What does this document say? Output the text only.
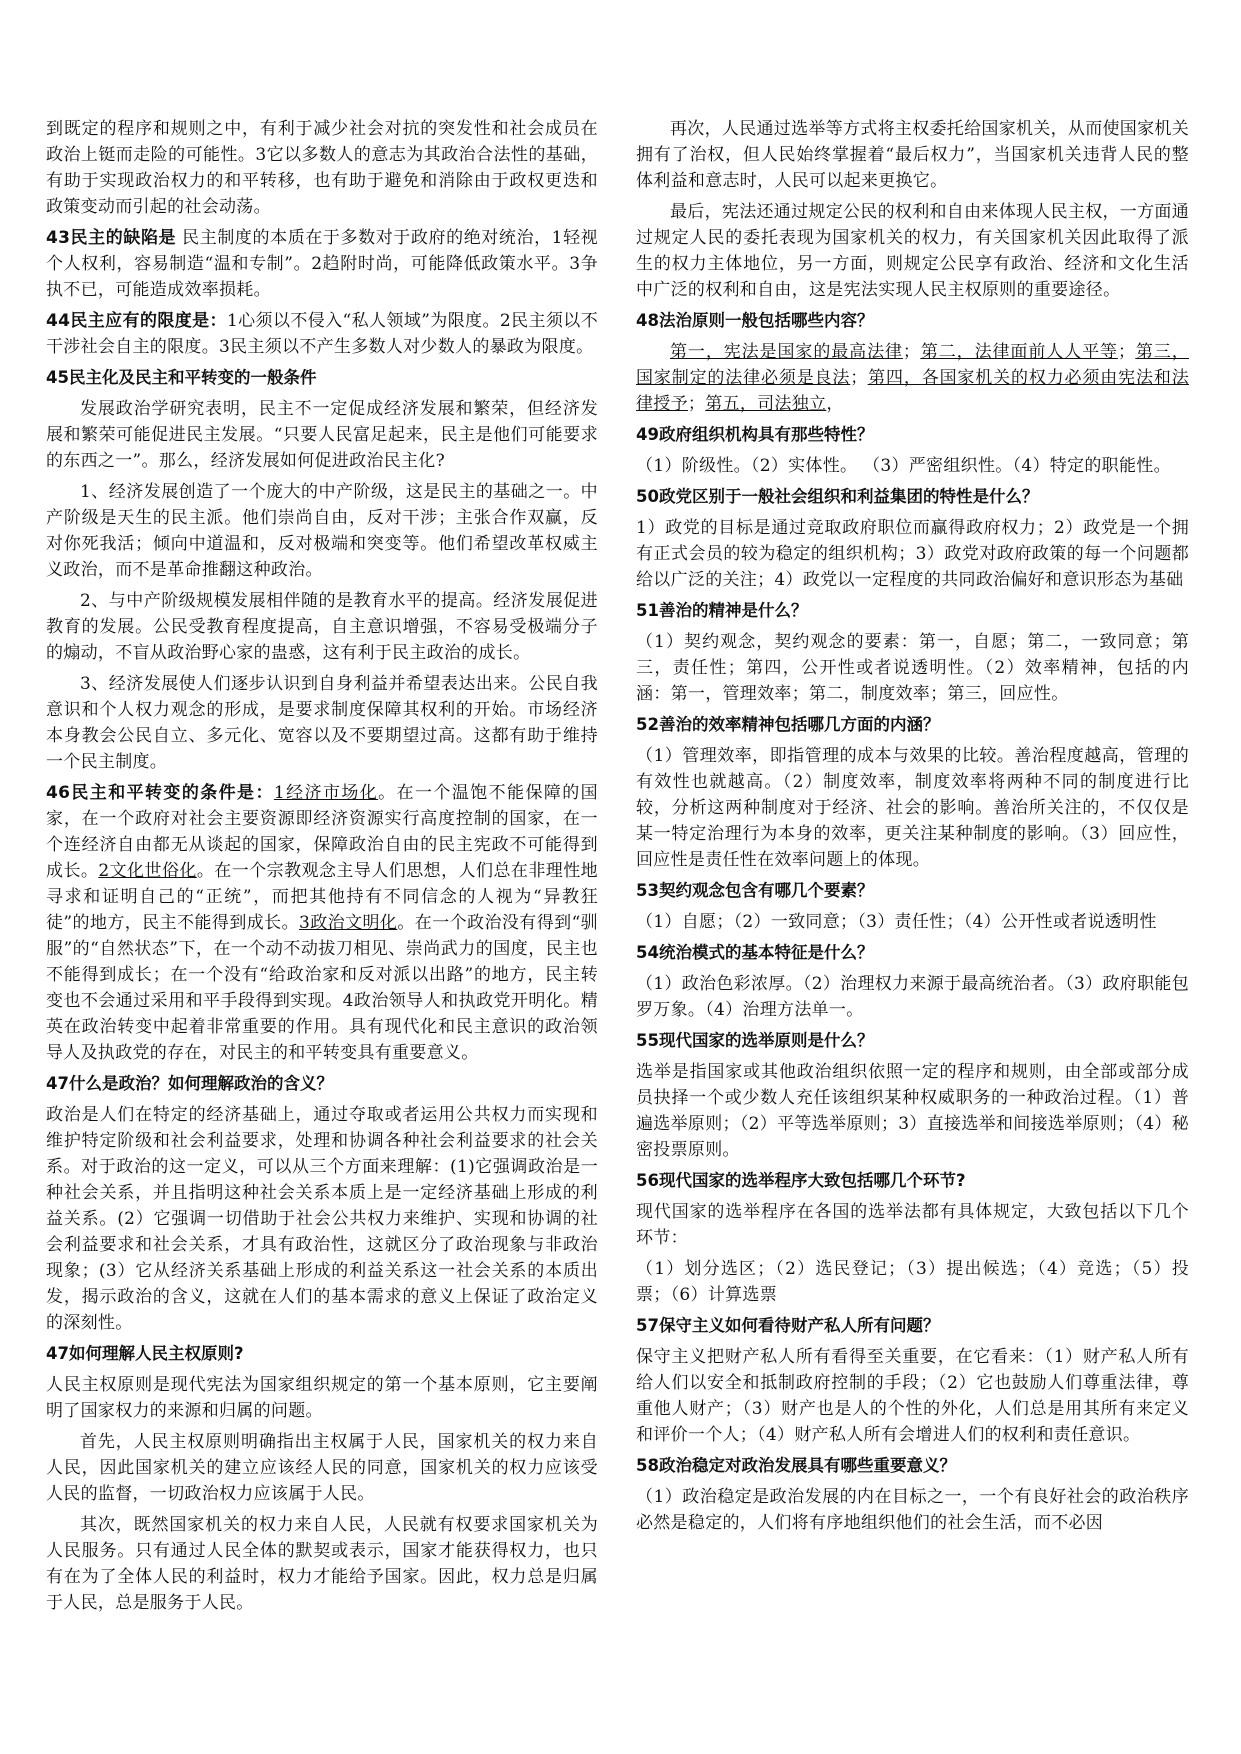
到既定的程序和规则之中，有利于减少社会对抗的突发性和社会成员在政治上铤而走险的可能性。3它以多数人的意志为其政治合法性的基础，有助于实现政治权力的和平转移，也有助于避免和消除由于政权更迭和政策变动而引起的社会动荡。
43民主的缺陷是 民主制度的本质在于多数对于政府的绝对统治，1轻视个人权利，容易制造“温和专制”。2趋附时尚，可能降低政策水平。3争执不已，可能造成效率损耗。
44民主应有的限度是：1心须以不侵入“私人领域”为限度。2民主须以不干涉社会自主的限度。3民主须以不产生多数人对少数人的暴政为限度。
45民主化及民主和平转变的一般条件
发展政治学研究表明，民主不一定促成经济发展和繁荣，但经济发展和繁荣可能促进民主发展。“只要人民富足起来，民主是他们可能要求的东西之一”。那么，经济发展如何促进政治民主化?
1、经济发展创造了一个庞大的中产阶级，这是民主的基础之一。中产阶级是天生的民主派。他们崇尚自由，反对干涉；主张合作双赢，反对你死我活；倾向中道温和，反对极端和突变等。他们希望改革权威主义政治，而不是革命推翻这种政治。
2、与中产阶级规模发展相伴随的是教育水平的提高。经济发展促进教育的发展。公民受教育程度提高，自主意识增强，不容易受极端分子的煽动，不盲从政治野心家的蛊惑，这有利于民主政治的成长。
3、经济发展使人们逐步认识到自身利益并希望表达出来。公民自我意识和个人权力观念的形成，是要求制度保障其权利的开始。市场经济本身教会公民自立、多元化、宽容以及不要期望过高。这都有助于维持一个民主制度。
46民主和平转变的条件是：1经济市场化。在一个温饱不能保障的国家，在一个政府对社会主要资源即经济资源实行高度控制的国家，在一个连经济自由都无从谈起的国家，保障政治自由的民主宪政不可能得到成长。2文化世俗化。在一个宗教观念主导人们思想，人们总在非理性地寻求和证明自己的“正统”，而把其他持有不同信念的人视为“异教狂徒”的地方，民主不能得到成长。3政治文明化。在一个政治没有得到“驯服”的“自然状态”下，在一个动不动拔刀相见、崇尚武力的国度，民主也不能得到成长；在一个没有“给政治家和反对派以出路”的地方，民主转变也不会通过采用和平手段得到实现。4政治领导人和执政党开明化。精英在政治转变中起着非常重要的作用。具有现代化和民主意识的政治领导人及执政党的存在，对民主的和平转变具有重要意义。
47什么是政治？如何理解政治的含义？
政治是人们在特定的经济基础上，通过夺取或者运用公共权力而实现和维护特定阶级和社会利益要求，处理和协调各种社会利益要求的社会关系。对于政治的这一定义，可以从三个方面来理解：(1)它强调政治是一种社会关系，并且指明这种社会关系本质上是一定经济基础上形成的利益关系。(2）它强调一切借助于社会公共权力来维护、实现和协调的社会利益要求和社会关系，才具有政治性，这就区分了政治现象与非政治现象；(3）它从经济关系基础上形成的利益关系这一社会关系的本质出发，揭示政治的含义，这就在人们的基本需求的意义上保证了政治定义的深刻性。
47如何理解人民主权原则?
人民主权原则是现代宪法为国家组织规定的第一个基本原则，它主要阐明了国家权力的来源和归属的问题。
首先，人民主权原则明确指出主权属于人民，国家机关的权力来自人民，因此国家机关的建立应该经人民的同意，国家机关的权力应该受人民的监督，一切政治权力应该属于人民。
其次，既然国家机关的权力来自人民，人民就有权要求国家机关为人民服务。只有通过人民全体的默契或表示，国家才能获得权力，也只有在为了全体人民的利益时，权力才能给予国家。因此，权力总是归属于人民，总是服务于人民。
再次，人民通过选举等方式将主权委托给国家机关，从而使国家机关拥有了治权，但人民始终掌握着“最后权力”，当国家机关违背人民的整体利益和意志时，人民可以起来更换它。
最后，宪法还通过规定公民的权利和自由来体现人民主权，一方面通过规定人民的委托表现为国家机关的权力，有关国家机关因此取得了派生的权力主体地位，另一方面，则规定公民享有政治、经济和文化生活中广泛的权利和自由，这是宪法实现人民主权原则的重要途径。
48法治原则一般包括哪些内容？
第一，宪法是国家的最高法律；第二，法律面前人人平等；第三，国家制定的法律必须是良法；第四，各国家机关的权力必须由宪法和法律授予；第五，司法独立，
49政府组织机构具有那些特性？
（1）阶级性。（2）实体性。 （3）严密组织性。（4）特定的职能性。
50政党区别于一般社会组织和利益集团的特性是什么？
1）政党的目标是通过竞取政府职位而赢得政府权力；2）政党是一个拥有正式会员的较为稳定的组织机构；3）政党对政府政策的每一个问题都给以广泛的关注；4）政党以一定程度的共同政治偏好和意识形态为基础
51善治的精神是什么？
（1）契约观念，契约观念的要素：第一，自愿；第二，一致同意；第三，责任性；第四，公开性或者说透明性。（2）效率精神，包括的内涵：第一，管理效率；第二，制度效率；第三，回应性。
52善治的效率精神包括哪几方面的内涵？
（1）管理效率，即指管理的成本与效果的比较。善治程度越高，管理的有效性也就越高。（2）制度效率，制度效率将两种不同的制度进行比较，分析这两种制度对于经济、社会的影响。善治所关注的，不仅仅是某一特定治理行为本身的效率，更关注某种制度的影响。（3）回应性，回应性是责任性在效率问题上的体现。
53契约观念包含有哪几个要素？
（1）自愿；（2）一致同意；（3）责任性；（4）公开性或者说透明性
54统治模式的基本特征是什么？
（1）政治色彩浓厚。（2）治理权力来源于最高统治者。（3）政府职能包罗万象。（4）治理方法单一。
55现代国家的选举原则是什么？
选举是指国家或其他政治组织依照一定的程序和规则，由全部或部分成员抉择一个或少数人充任该组织某种权威职务的一种政治过程。（1）普遍选举原则；（2）平等选举原则；3）直接选举和间接选举原则；（4）秘密投票原则。
56现代国家的选举程序大致包括哪几个环节?
现代国家的选举程序在各国的选举法都有具体规定，大致包括以下几个环节：
（1）划分选区；（2）选民登记；（3）提出候选；（4）竞选；（5）投票；（6）计算选票
57保守主义如何看待财产私人所有问题？
保守主义把财产私人所有看得至关重要，在它看来：（1）财产私人所有给人们以安全和抵制政府控制的手段；（2）它也鼓励人们尊重法律，尊重他人财产；（3）财产也是人的个性的外化，人们总是用其所有来定义和评价一个人；（4）财产私人所有会增进人们的权利和责任意识。
58政治稳定对政治发展具有哪些重要意义？
（1）政治稳定是政治发展的内在目标之一，一个有良好社会的政治秩序必然是稳定的，人们将有序地组织他们的社会生活，而不必因
